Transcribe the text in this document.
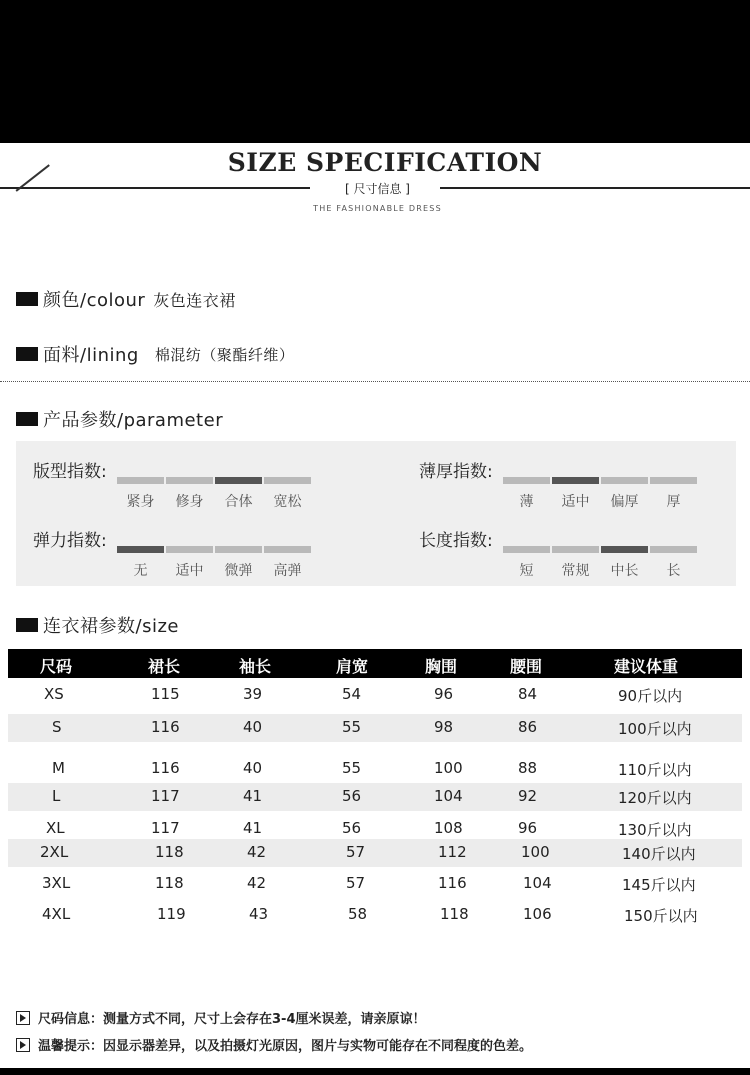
SIZE SPECIFICATION
[ 尺寸信息 ]
THE FASHIONABLE DRESS
颜色/colour 灰色连衣裙
面料/lining 棉混纺（聚酯纤维）
产品参数/parameter
版型指数:
紧身	修身	合体	宽松
薄厚指数:
薄	适中	偏厚	厚
弹力指数:
无	适中	微弹	高弹
长度指数:
短	常规	中长	长
连衣裙参数/size
尺码	裙长	袖长	肩宽	胸围	腰围	建议体重
XS	115	39	54	96	84	90斤以内
S	116	40	55	98	86	100斤以内
M	116	40	55	100	88	110斤以内
L	117	41	56	104	92	120斤以内
XL	117	41	56	108	96	130斤以内
2XL	118	42	57	112	100	140斤以内
3XL	118	42	57	116	104	145斤以内
4XL	119	43	58	118	106	150斤以内
尺码信息：测量方式不同，尺寸上会存在3-4厘米误差，请亲原谅！
温馨提示：因显示器差异，以及拍摄灯光原因，图片与实物可能存在不同程度的色差。
